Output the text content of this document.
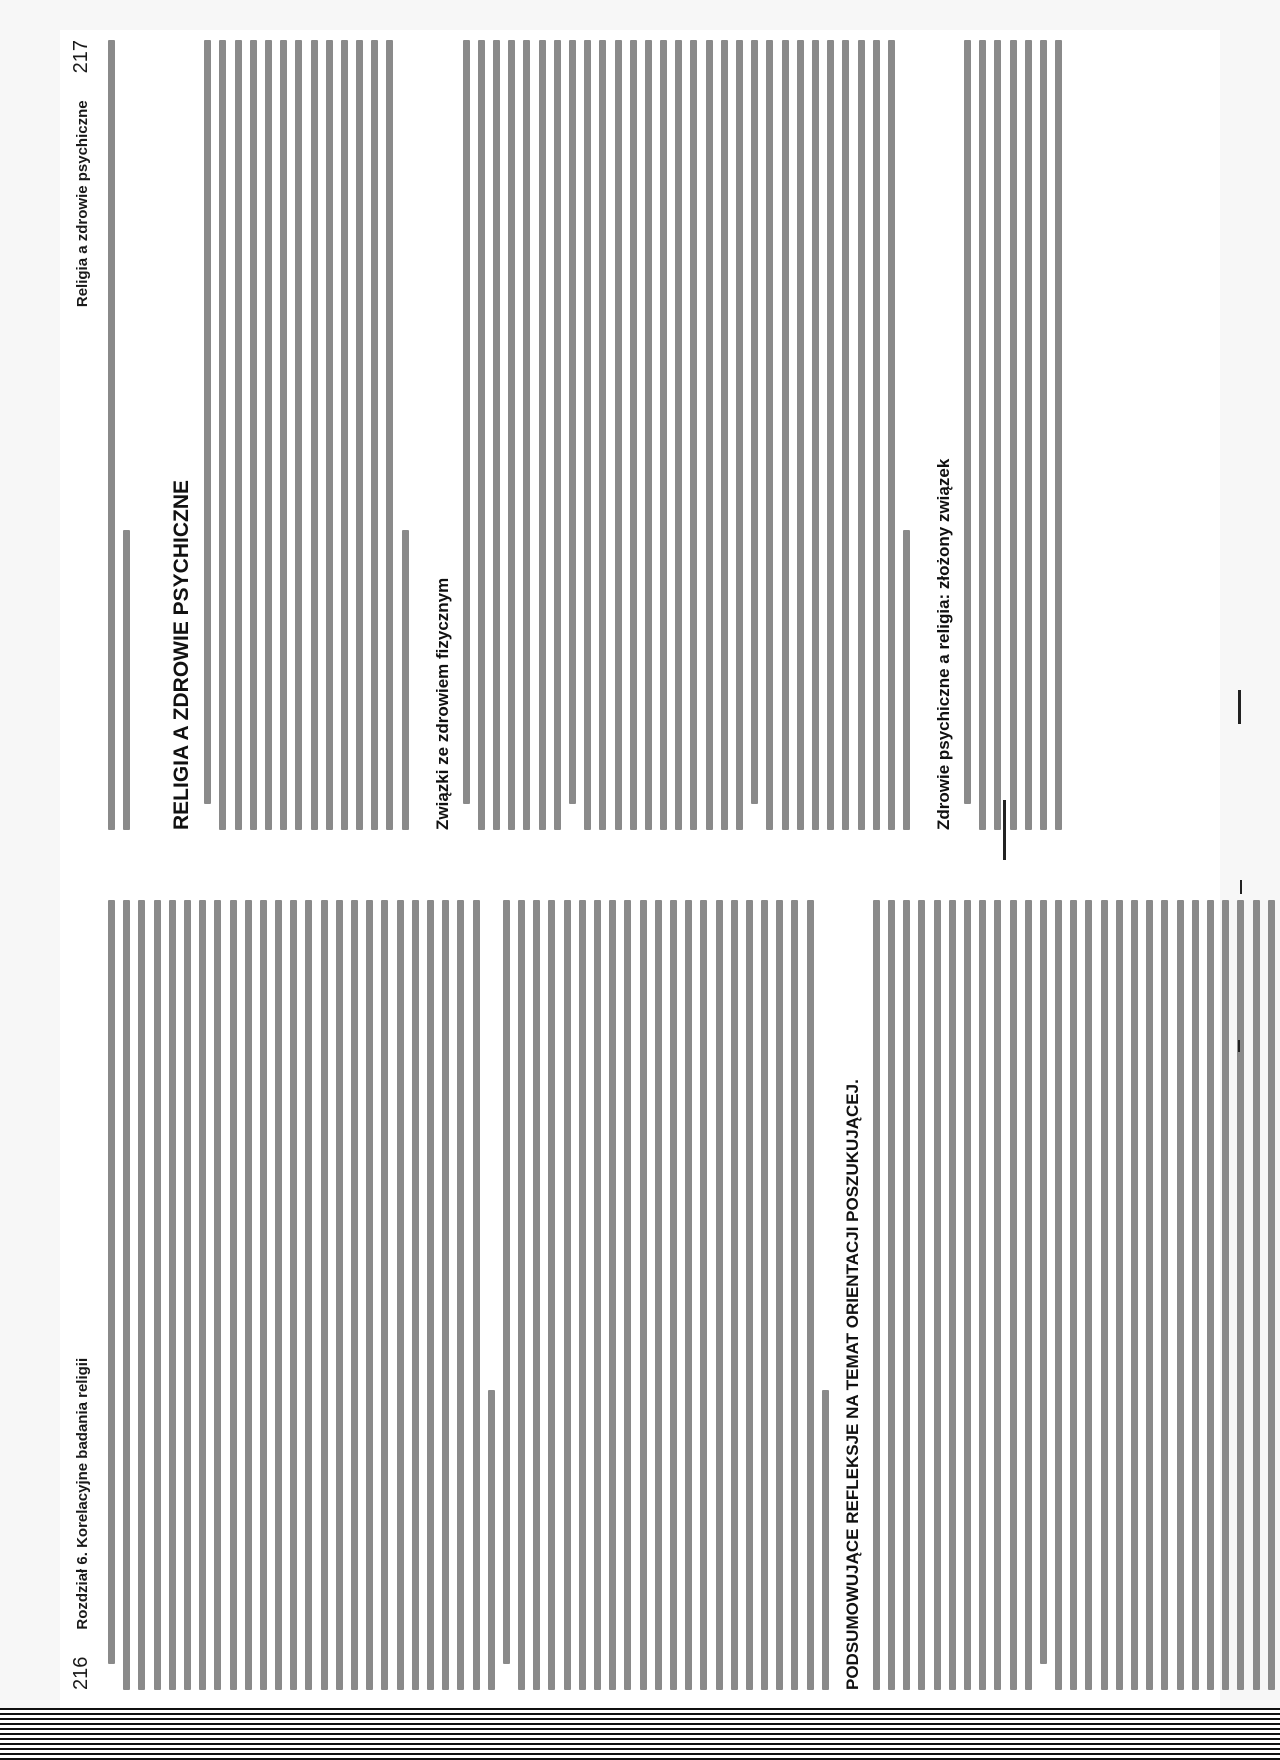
216 Rozdział 6. Korelacyjne badania religii	PODSUMOWUJĄCE REFLEKSJE NA TEMAT ORIENTACJI POSZUKUJĄCEJ.
Religia a zdrowie psychiczne 217
RELIGIA A ZDROWIE PSYCHICZNE	Związki ze zdrowiem fizycznym	Zdrowie psychiczne a religia: złożony związek
